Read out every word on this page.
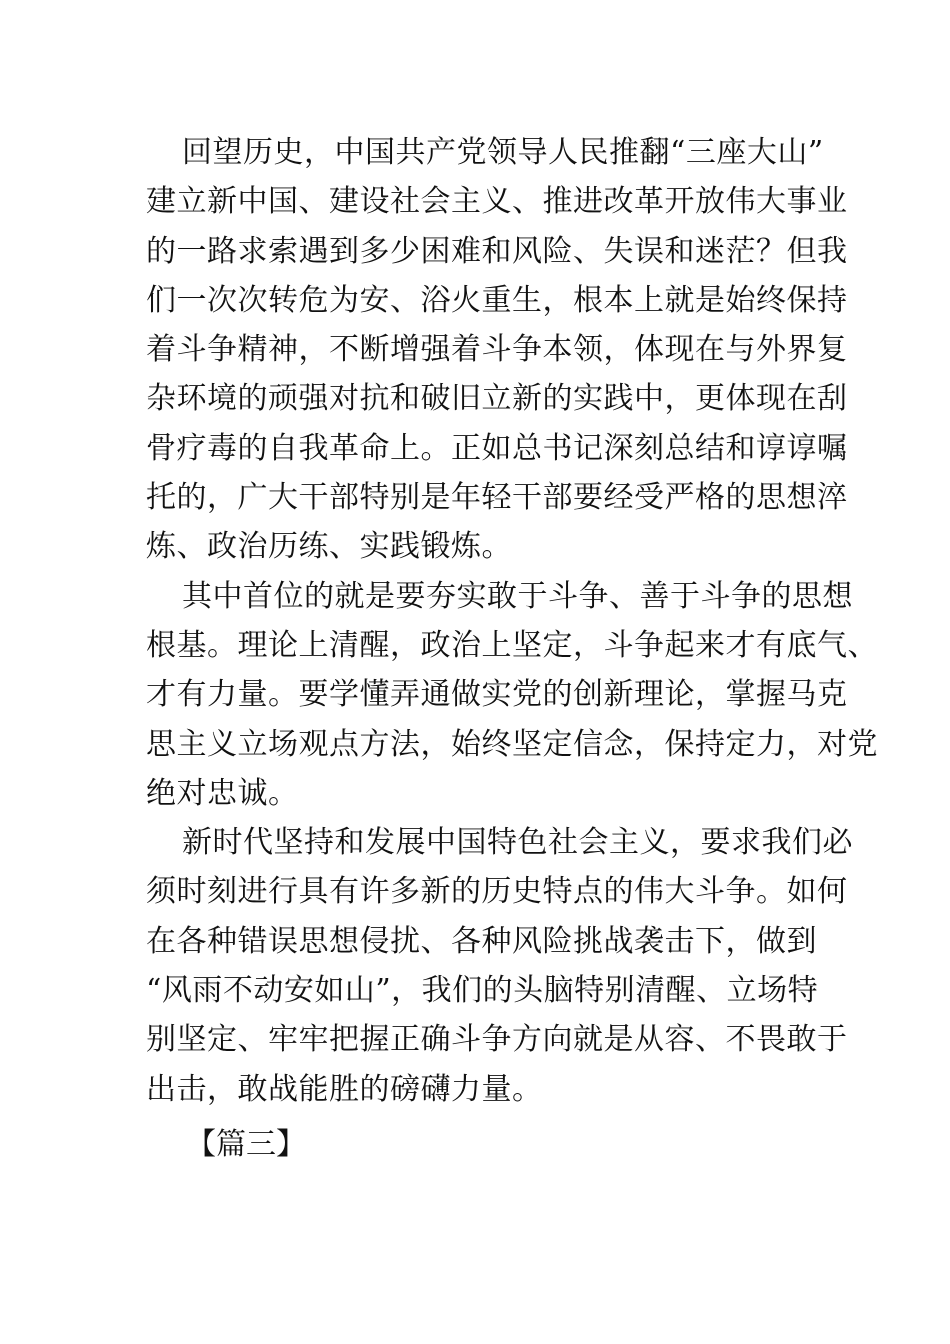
回望历史，中国共产党领导人民推翻“三座大山”
建立新中国、建设社会主义、推进改革开放伟大事业
的一路求索遇到多少困难和风险、失误和迷茫？但我
们一次次转危为安、浴火重生，根本上就是始终保持
着斗争精神，不断增强着斗争本领，体现在与外界复
杂环境的顽强对抗和破旧立新的实践中，更体现在刮
骨疗毒的自我革命上。正如总书记深刻总结和谆谆嘱
托的，广大干部特别是年轻干部要经受严格的思想淬
炼、政治历练、实践锻炼。
其中首位的就是要夯实敢于斗争、善于斗争的思想
根基。理论上清醒，政治上坚定，斗争起来才有底气、
才有力量。要学懂弄通做实党的创新理论，掌握马克
思主义立场观点方法，始终坚定信念，保持定力，对党
绝对忠诚。
新时代坚持和发展中国特色社会主义，要求我们必
须时刻进行具有许多新的历史特点的伟大斗争。如何
在各种错误思想侵扰、各种风险挑战袭击下，做到
“风雨不动安如山”，我们的头脑特别清醒、立场特
别坚定、牢牢把握正确斗争方向就是从容、不畏敢于
出击，敢战能胜的磅礴力量。
【篇三】
